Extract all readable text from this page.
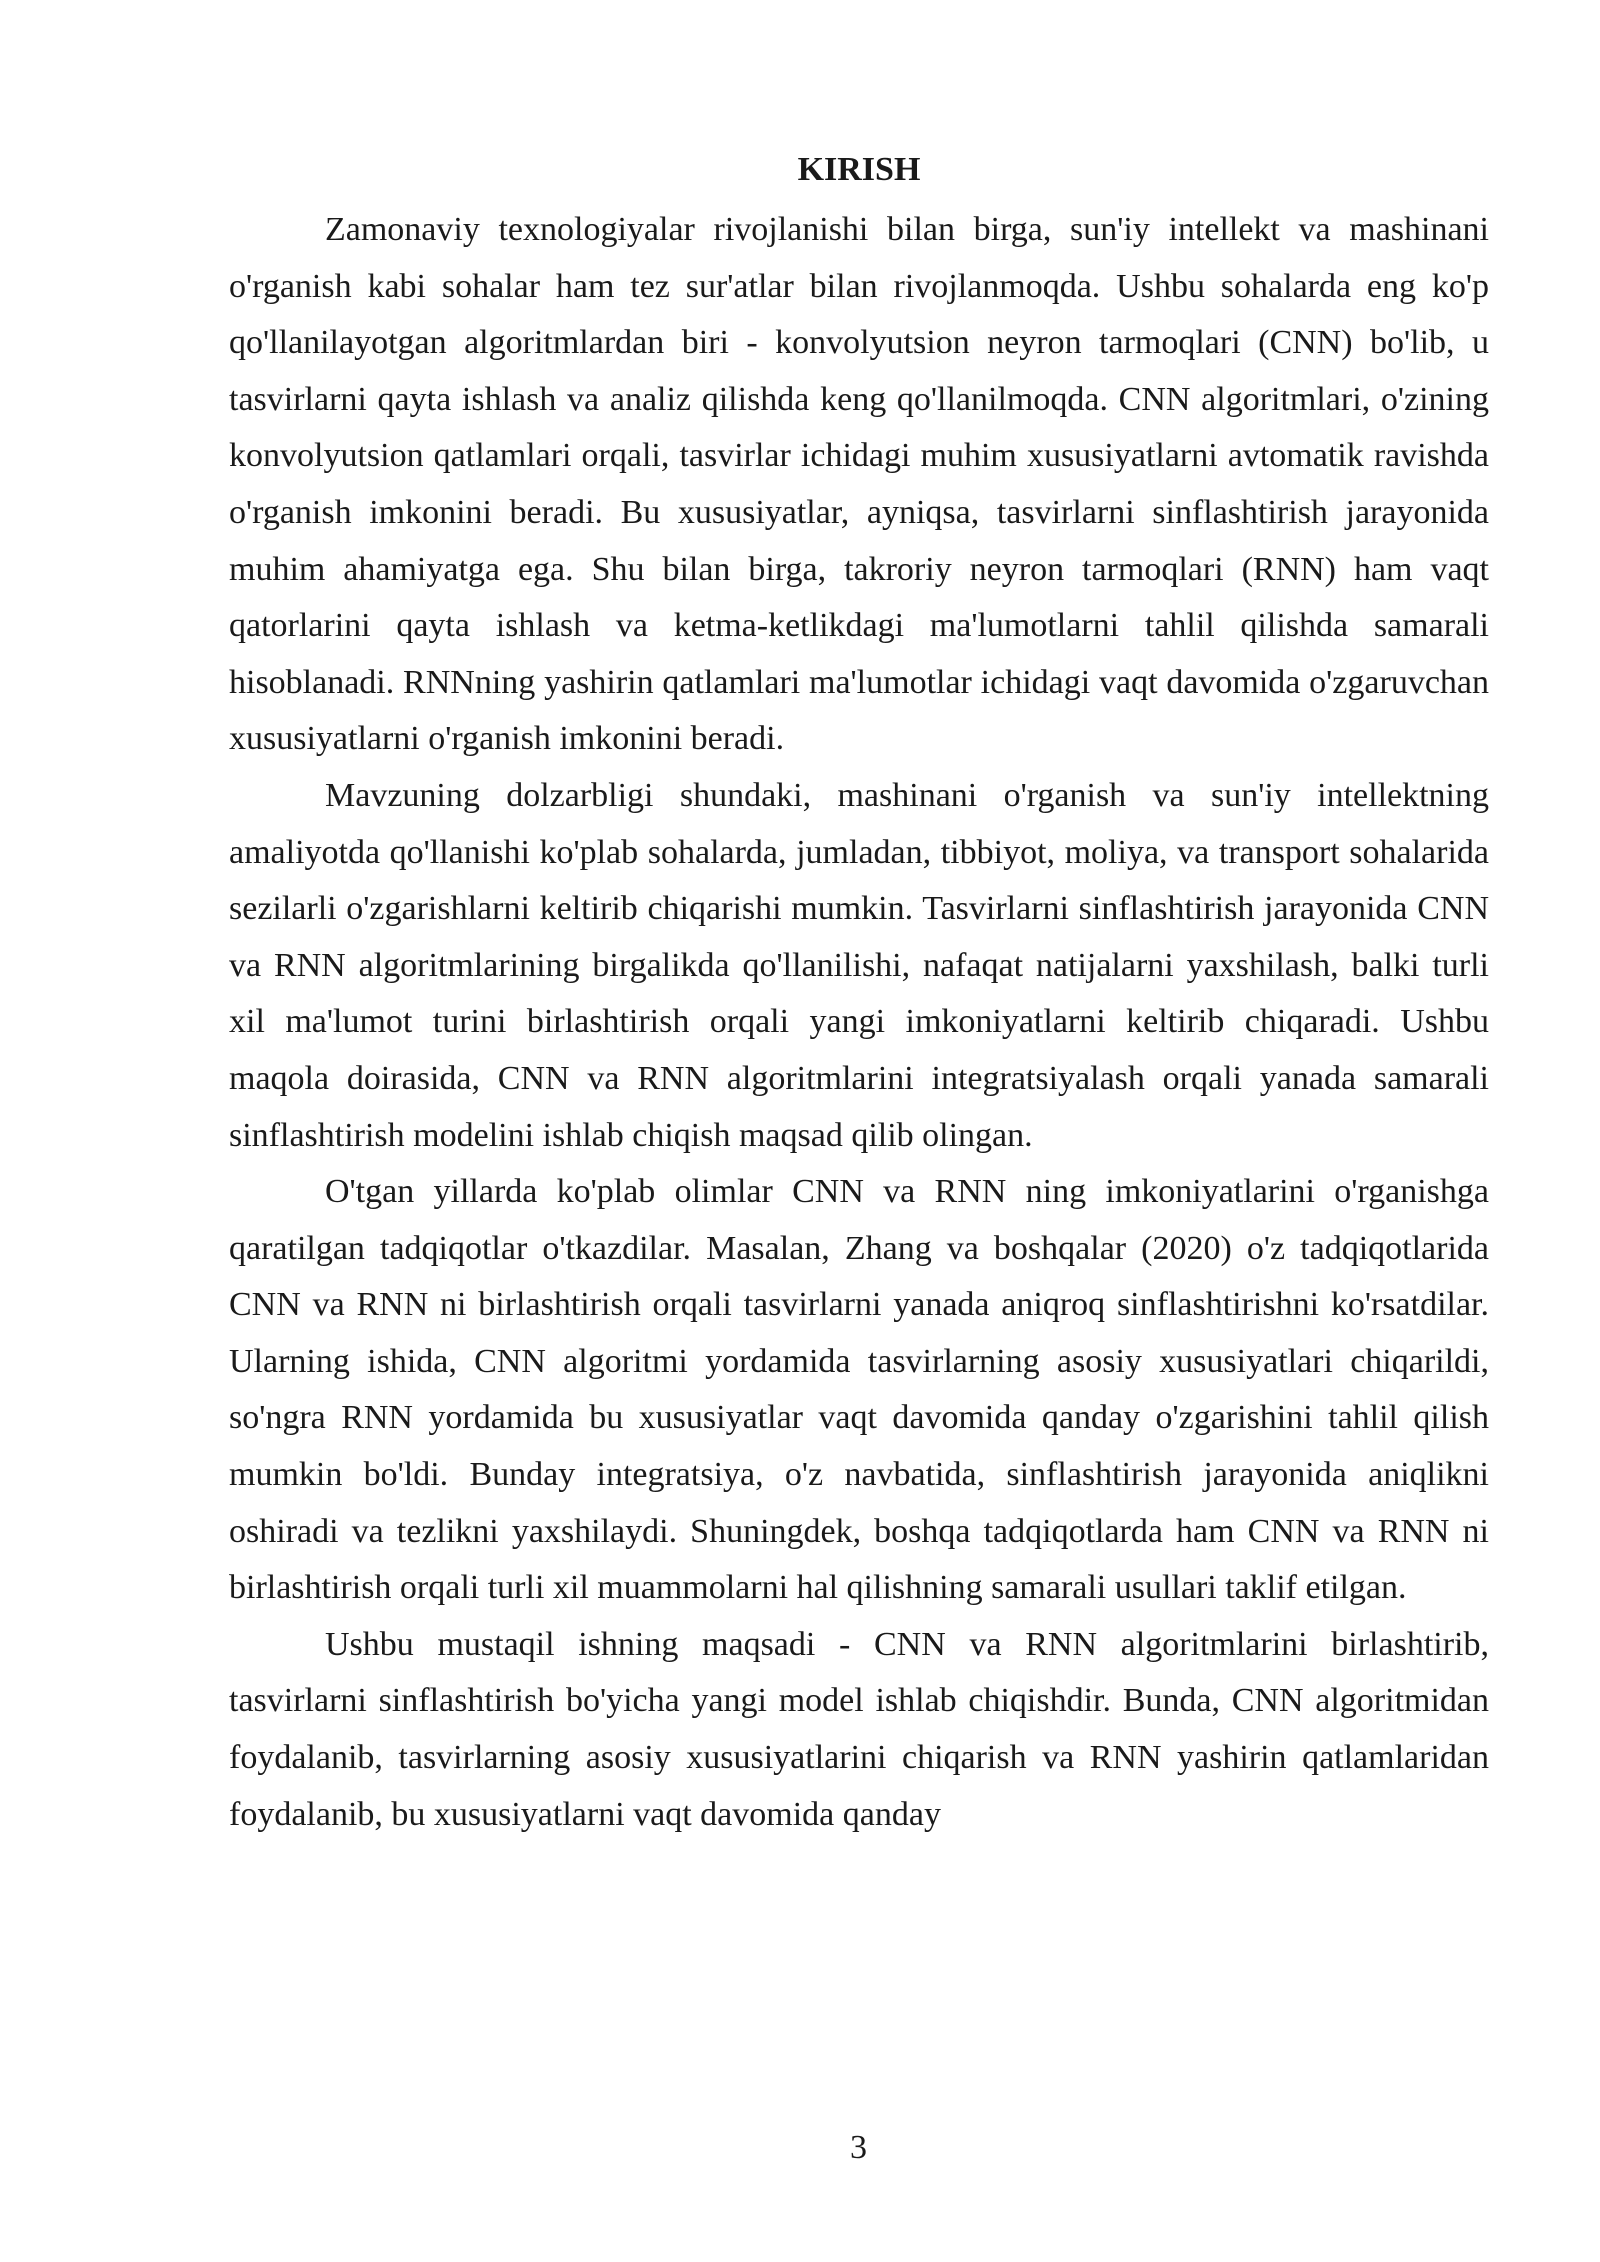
KIRISH

Zamonaviy texnologiyalar rivojlanishi bilan birga, sun'iy intellekt va mashinani o'rganish kabi sohalar ham tez sur'atlar bilan rivojlanmoqda. Ushbu sohalarda eng ko'p qo'llanilayotgan algoritmlardan biri - konvolyutsion neyron tarmoqlari (CNN) bo'lib, u tasvirlarni qayta ishlash va analiz qilishda keng qo'llanilmoqda. CNN algoritmlari, o'zining konvolyutsion qatlamlari orqali, tasvirlar ichidagi muhim xususiyatlarni avtomatik ravishda o'rganish imkonini beradi. Bu xususiyatlar, ayniqsa, tasvirlarni sinflashtirish jarayonida muhim ahamiyatga ega. Shu bilan birga, takroriy neyron tarmoqlari (RNN) ham vaqt qatorlarini qayta ishlash va ketma-ketlikdagi ma'lumotlarni tahlil qilishda samarali hisoblanadi. RNNning yashirin qatlamlari ma'lumotlar ichidagi vaqt davomida o'zgaruvchan xususiyatlarni o'rganish imkonini beradi.

Mavzuning dolzarbligi shundaki, mashinani o'rganish va sun'iy intellektning amaliyotda qo'llanishi ko'plab sohalarda, jumladan, tibbiyot, moliya, va transport sohalarida sezilarli o'zgarishlarni keltirib chiqarishi mumkin. Tasvirlarni sinflashtirish jarayonida CNN va RNN algoritmlarining birgalikda qo'llanilishi, nafaqat natijalarni yaxshilash, balki turli xil ma'lumot turini birlashtirish orqali yangi imkoniyatlarni keltirib chiqaradi. Ushbu maqola doirasida, CNN va RNN algoritmlarini integratsiyalash orqali yanada samarali sinflashtirish modelini ishlab chiqish maqsad qilib olingan.

O'tgan yillarda ko'plab olimlar CNN va RNN ning imkoniyatlarini o'rganishga qaratilgan tadqiqotlar o'tkazdilar. Masalan, Zhang va boshqalar (2020) o'z tadqiqotlarida CNN va RNN ni birlashtirish orqali tasvirlarni yanada aniqroq sinflashtirishni ko'rsatdilar. Ularning ishida, CNN algoritmi yordamida tasvirlarning asosiy xususiyatlari chiqarildi, so'ngra RNN yordamida bu xususiyatlar vaqt davomida qanday o'zgarishini tahlil qilish mumkin bo'ldi. Bunday integratsiya, o'z navbatida, sinflashtirish jarayonida aniqlikni oshiradi va tezlikni yaxshilaydi. Shuningdek, boshqa tadqiqotlarda ham CNN va RNN ni birlashtirish orqali turli xil muammolarni hal qilishning samarali usullari taklif etilgan.

Ushbu mustaqil ishning maqsadi - CNN va RNN algoritmlarini birlashtirib, tasvirlarni sinflashtirish bo'yicha yangi model ishlab chiqishdir. Bunda, CNN algoritmidan foydalanib, tasvirlarning asosiy xususiyatlarini chiqarish va RNN yashirin qatlamlaridan foydalanib, bu xususiyatlarni vaqt davomida qanday

3
